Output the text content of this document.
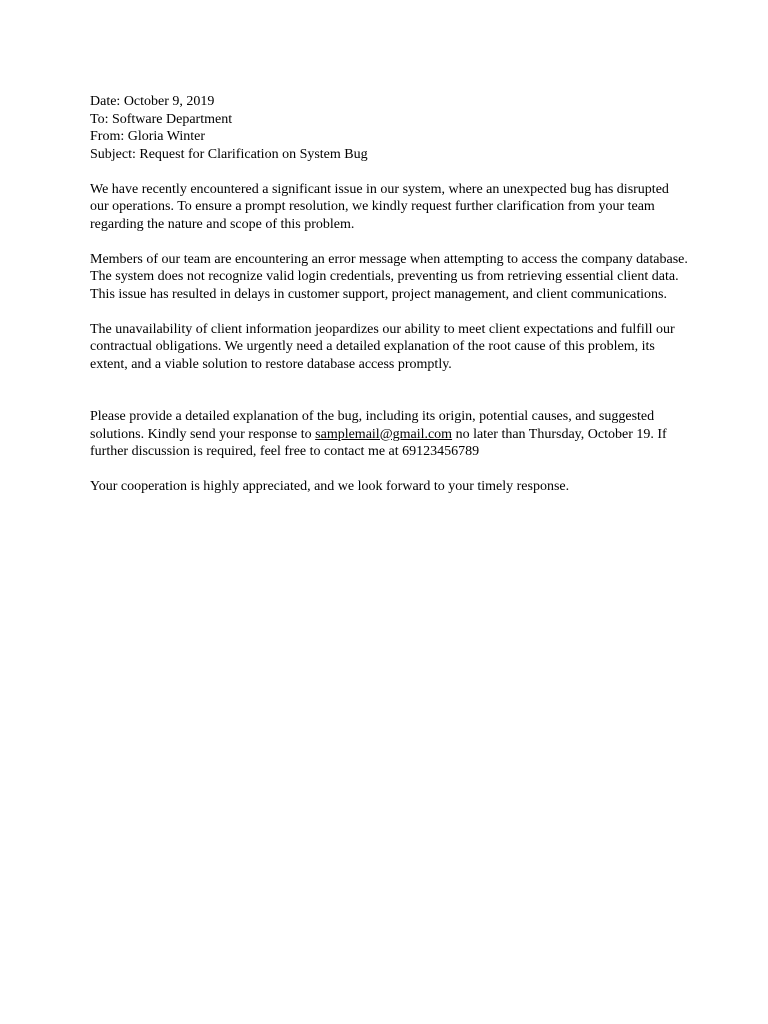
Date: October 9, 2019
To: Software Department
From: Gloria Winter
Subject: Request for Clarification on System Bug

We have recently encountered a significant issue in our system, where an unexpected bug has disrupted our operations. To ensure a prompt resolution, we kindly request further clarification from your team regarding the nature and scope of this problem.

Members of our team are encountering an error message when attempting to access the company database. The system does not recognize valid login credentials, preventing us from retrieving essential client data. This issue has resulted in delays in customer support, project management, and client communications.

The unavailability of client information jeopardizes our ability to meet client expectations and fulfill our contractual obligations. We urgently need a detailed explanation of the root cause of this problem, its extent, and a viable solution to restore database access promptly.

Please provide a detailed explanation of the bug, including its origin, potential causes, and suggested solutions. Kindly send your response to samplemail@gmail.com no later than Thursday, October 19. If further discussion is required, feel free to contact me at 69123456789

Your cooperation is highly appreciated, and we look forward to your timely response.
